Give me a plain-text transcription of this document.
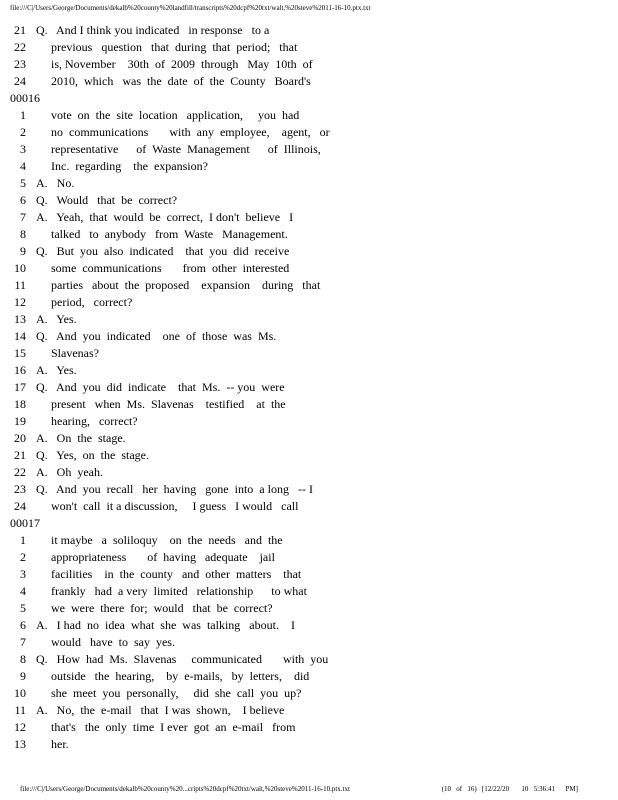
file:///C|/Users/George/Documents/dekalb%20county%20landfill/transcripts%20dcpf%20txt/walt,%20steve%2011-16-10.ptx.txt
21 Q.   And I think you indicated   in response   to a
22 previous   question   that  during  that  period;   that
23 is, November    30th  of  2009  through   May  10th  of
24 2010,  which   was  the  date  of  the  County   Board's
00016
1 vote  on  the  site  location   application,     you  had
2 no  communications       with  any  employee,    agent,   or
3 representative      of  Waste  Management      of  Illinois,
4 Inc.  regarding    the  expansion?
5 A.   No.
6 Q.   Would   that  be  correct?
7 A.   Yeah,  that  would  be  correct,  I don't  believe   I
8 talked   to  anybody   from  Waste   Management.
9 Q.   But  you  also  indicated    that  you  did  receive
10 some  communications       from  other  interested
11 parties   about  the  proposed    expansion    during   that
12 period,   correct?
13 A.   Yes.
14 Q.   And  you  indicated    one  of  those  was  Ms.
15 Slavenas?
16 A.   Yes.
17 Q.   And  you  did  indicate    that  Ms.  -- you  were
18 present   when  Ms.  Slavenas    testified    at  the
19 hearing,   correct?
20 A.   On  the  stage.
21 Q.   Yes,  on  the  stage.
22 A.   Oh  yeah.
23 Q.   And  you  recall   her  having   gone  into  a long   -- I
24 won't  call  it a discussion,     I guess   I would   call
00017
1 it maybe   a  soliloquy    on  the  needs   and  the
2 appropriateness       of  having   adequate    jail
3 facilities    in  the  county   and  other  matters    that
4 frankly   had  a very  limited   relationship      to what
5 we  were  there  for;  would   that  be  correct?
6 A.   I had  no  idea  what  she  was  talking   about.    I
7 would   have  to  say  yes.
8 Q.   How  had  Ms.  Slavenas     communicated       with  you
9 outside   the  hearing,    by  e-mails,   by  letters,    did
10 she  meet  you  personally,     did  she  call  you  up?
11 A.   No,  the  e-mail   that  I was  shown,    I believe
12 that's   the  only  time  I ever  got  an  e-mail   from
13 her.
file:///C|/Users/George/Documents/dekalb%20county%20...cripts%20dcpf%20txt/walt,%20steve%2011-16-10.ptx.txt	(10   of   16)   [12/22/20       10   5:36:41      PM]
